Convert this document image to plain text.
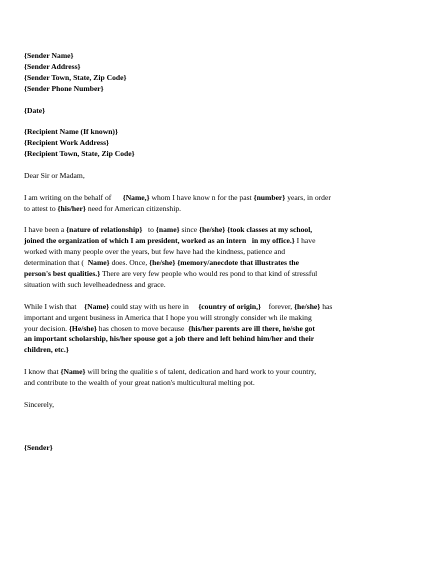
{Sender Name}
{Sender Address}
{Sender Town, State, Zip Code}
{Sender Phone Number}
{Date}
{Recipient Name (If known)}
{Recipient Work Address}
{Recipient Town, State, Zip Code}
Dear Sir or Madam,
I am writing on the behalf of {Name,} whom I have know n for the past {number} years, in order
to attest to {his/her} need for American citizenship.
I have been a {nature of relationship} to {name} since {he/she} {took classes at my school,
joined the organization of which I am president, worked as an intern in my office.} I have
worked with many people over the years, but few have had the kindness, patience and
determination that ( Name} does. Once, {he/she} {memory/anecdote that illustrates the
person's best qualities.} There are very few people who would res pond to that kind of stressful
situation with such levelheadedness and grace.
While I wish that {Name} could stay with us here in {country of origin,} forever, {he/she} has
important and urgent business in America that I hope you will strongly consider wh ile making
your decision. {He/she} has chosen to move because {his/her parents are ill there, he/she got
an important scholarship, his/her spouse got a job there and left behind him/her and their
children, etc.}
I know that {Name} will bring the qualitie s of talent, dedication and hard work to your country,
and contribute to the wealth of your great nation's multicultural melting pot.
Sincerely,
{Sender}
